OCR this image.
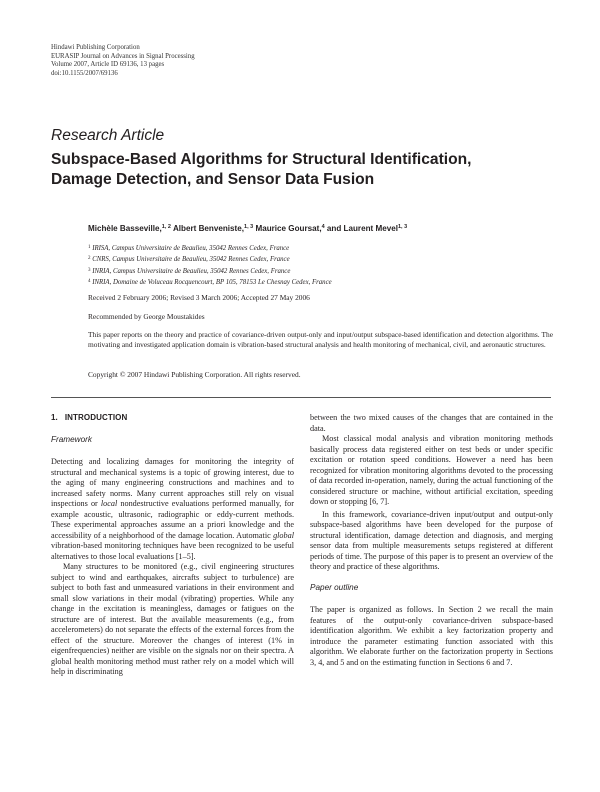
Hindawi Publishing Corporation
EURASIP Journal on Advances in Signal Processing
Volume 2007, Article ID 69136, 13 pages
doi:10.1155/2007/69136
Research Article
Subspace-Based Algorithms for Structural Identification,
Damage Detection, and Sensor Data Fusion
Michèle Basseville,$^{1, 2}$ Albert Benveniste,$^{1, 3}$ Maurice Goursat,$^4$ and Laurent Mevel$^{1, 3}$
$^1$ IRISA, Campus Universitaire de Beaulieu, 35042 Rennes Cedex, France
$^2$ CNRS, Campus Universitaire de Beaulieu, 35042 Rennes Cedex, France
$^3$ INRIA, Campus Universitaire de Beaulieu, 35042 Rennes Cedex, France
$^4$ INRIA, Domaine de Voluceau Rocquencourt, BP 105, 78153 Le Chesnay Cedex, France
Received 2 February 2006; Revised 3 March 2006; Accepted 27 May 2006
Recommended by George Moustakides
This paper reports on the theory and practice of covariance-driven output-only and input/output subspace-based identification and detection algorithms. The motivating and investigated application domain is vibration-based structural analysis and health monitoring of mechanical, civil, and aeronautic structures.
Copyright © 2007 Hindawi Publishing Corporation. All rights reserved.
1. INTRODUCTION
Framework

Detecting and localizing damages for monitoring the integrity of structural and mechanical systems is a topic of growing interest, due to the aging of many engineering constructions and machines and to increased safety norms. Many current approaches still rely on visual inspections or local nondestructive evaluations performed manually, for example acoustic, ultrasonic, radiographic or eddy-current methods. These experimental approaches assume an a priori knowledge and the accessibility of a neighborhood of the damage location. Automatic global vibration-based monitoring techniques have been recognized to be useful alternatives to those local evaluations [1–5].

Many structures to be monitored (e.g., civil engineering structures subject to wind and earthquakes, aircrafts subject to turbulence) are subject to both fast and unmeasured variations in their environment and small slow variations in their modal (vibrating) properties. While any change in the excitation is meaningless, damages or fatigues on the structure are of interest. But the available measurements (e.g., from accelerometers) do not separate the effects of the external forces from the effect of the structure. Moreover the changes of interest (1% in eigenfrequencies) neither are visible on the signals nor on their spectra. A global health monitoring method must rather rely on a model which will help in discriminating

between the two mixed causes of the changes that are contained in the data.

Most classical modal analysis and vibration monitoring methods basically process data registered either on test beds or under specific excitation or rotation speed conditions. However a need has been recognized for vibration monitoring algorithms devoted to the processing of data recorded in-operation, namely, during the actual functioning of the considered structure or machine, without artificial excitation, speeding down or stopping [6, 7].

In this framework, covariance-driven input/output and output-only subspace-based algorithms have been developed for the purpose of structural identification, damage detection and diagnosis, and merging sensor data from multiple measurements setups registered at different periods of time. The purpose of this paper is to present an overview of the theory and practice of these algorithms.

Paper outline

The paper is organized as follows. In Section 2 we recall the main features of the output-only covariance-driven subspace-based identification algorithm. We exhibit a key factorization property and introduce the parameter estimating function associated with this algorithm. We elaborate further on the factorization property in Sections 3, 4, and 5 and on the estimating function in Sections 6 and 7.
